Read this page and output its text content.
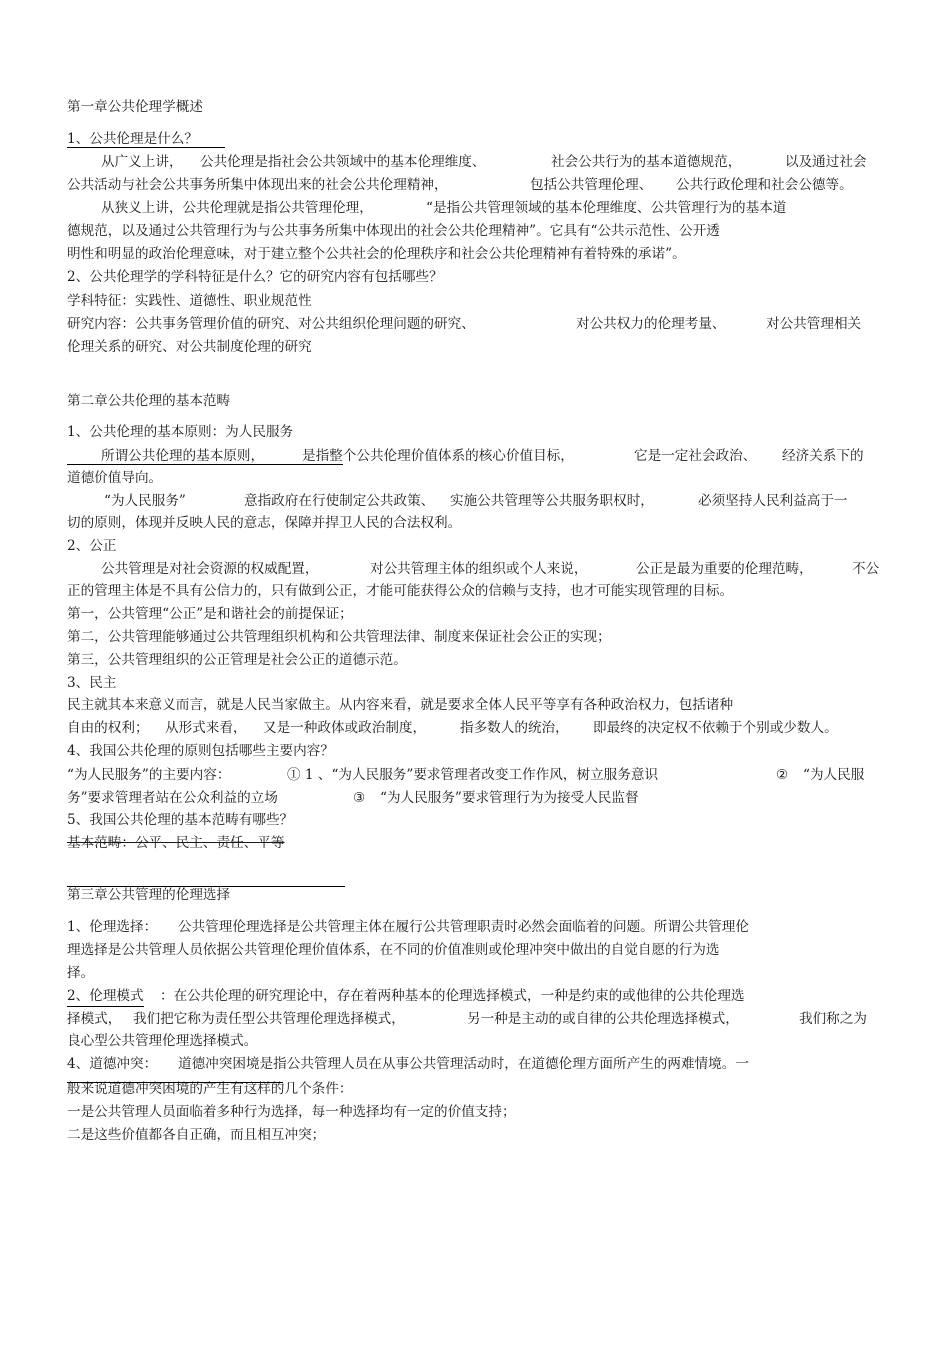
第一章公共伦理学概述
1、公共伦理是什么？
从广义上讲， 公共伦理是指社会公共领域中的基本伦理维度、	社会公共行为的基本道德规范，	以及通过社会
公共活动与社会公共事务所集中体现出来的社会公共伦理精神，	包括公共管理伦理、 公共行政伦理和社会公德等。
从狭义上讲，公共伦理就是指公共管理伦理，	“是指公共管理领域的基本伦理维度、公共管理行为的基本道
德规范，以及通过公共管理行为与公共事务所集中体现出的社会公共伦理精神”。它具有“公共示范性、公开透
明性和明显的政治伦理意味，对于建立整个公共社会的伦理秩序和社会公共伦理精神有着特殊的承诺”。
2、公共伦理学的学科特征是什么？它的研究内容有包括哪些？
学科特征：实践性、道德性、职业规范性
研究内容：公共事务管理价值的研究、对公共组织伦理问题的研究、	对公共权力的伦理考量、	对公共管理相关
伦理关系的研究、对公共制度伦理的研究
第二章公共伦理的基本范畴
1、公共伦理的基本原则：为人民服务
所谓公共伦理的基本原则，	是指整个公共伦理价值体系的核心价值目标，	它是一定社会政治、 经济关系下的
道德价值导向。
“为人民服务”	意指政府在行使制定公共政策、 实施公共管理等公共服务职权时，	必须坚持人民利益高于一
切的原则，体现并反映人民的意志，保障并捍卫人民的合法权利。
2、公正
公共管理是对社会资源的权威配置，	对公共管理主体的组织或个人来说，	公正是最为重要的伦理范畴，	不公
正的管理主体是不具有公信力的，只有做到公正，才能可能获得公众的信赖与支持，也才可能实现管理的目标。
第一，公共管理“公正”是和谐社会的前提保证；
第二，公共管理能够通过公共管理组织机构和公共管理法律、制度来保证社会公正的实现；
第三，公共管理组织的公正管理是社会公正的道德示范。
3、民主
民主就其本来意义而言，就是人民当家做主。从内容来看，就是要求全体人民平等享有各种政治权力，包括诸种
自由的权利； 从形式来看， 又是一种政体或政治制度， 指多数人的统治， 即最终的决定权不依赖于个别或少数人。
4、我国公共伦理的原则包括哪些主要内容？
“为人民服务”的主要内容：	① 1 、“为人民服务”要求管理者改变工作作风，树立服务意识	② “为人民服
务”要求管理者站在公众利益的立场	③ “为人民服务”要求管理行为为接受人民监督
5、我国公共伦理的基本范畴有哪些？
基本范畴：公平、民主、责任、平等
第三章公共管理的伦理选择
1、伦理选择： 公共管理伦理选择是公共管理主体在履行公共管理职责时必然会面临着的问题。所谓公共管理伦
理选择是公共管理人员依据公共管理伦理价值体系，在不同的价值准则或伦理冲突中做出的自觉自愿的行为选
择。
2、伦理模式 ：在公共伦理的研究理论中，存在着两种基本的伦理选择模式，一种是约束的或他律的公共伦理选
择模式， 我们把它称为责任型公共管理伦理选择模式，	另一种是主动的或自律的公共伦理选择模式，	我们称之为
良心型公共管理伦理选择模式。
4、道德冲突： 道德冲突困境是指公共管理人员在从事公共管理活动时，在道德伦理方面所产生的两难情境。一
般来说道德冲突困境的产生有这样的几个条件：
一是公共管理人员面临着多种行为选择，每一种选择均有一定的价值支持；
二是这些价值都各自正确，而且相互冲突；
